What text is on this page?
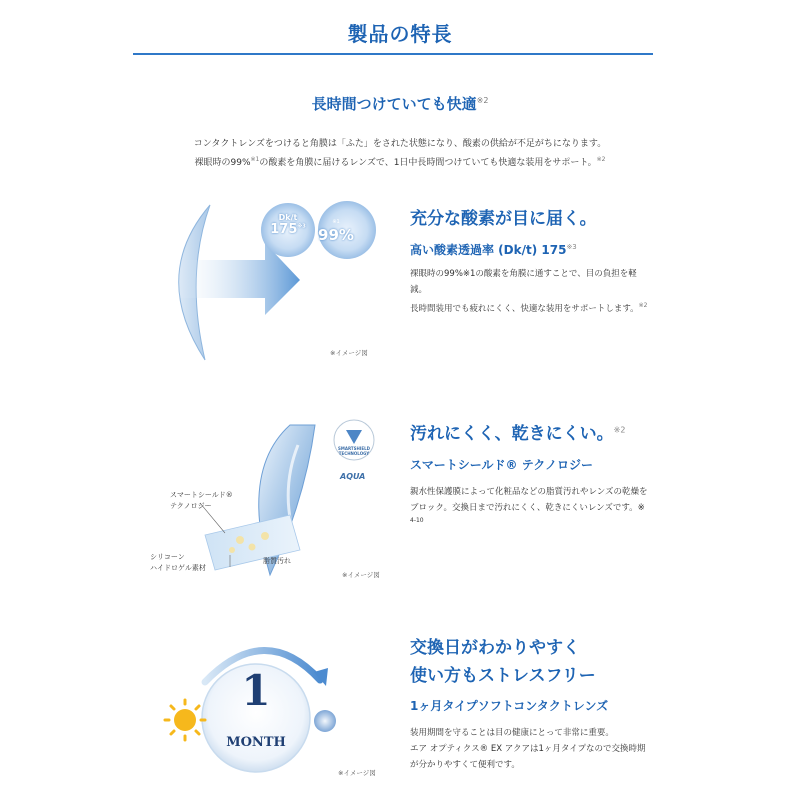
製品の特長
長時間つけていても快適$^{※2}$
コンタクトレンズをつけると角膜は「ふた」をされた状態になり、酸素の供給が不足がちになります。
裸眼時の99%$^{※1}$の酸素を角膜に届けるレンズで、1日中長時間つけていても快適な装用をサポート。$^{※2}$
Dk/t
175$^{※3}$
※1
99%
※イメージ図
充分な酸素が目に届く。
高い酸素透過率 (Dk/t) 175$^{※3}$
裸眼時の99%※1の酸素を角膜に通すことで、目の負担を軽
減。
長時間装用でも疲れにくく、快適な装用をサポートします。$^{※2}$
SMARTSHIELD
TECHNOLOGY
AQUA
スマートシールド®
テクノロジー
シリコーン
ハイドロゲル素材
脂質汚れ
※イメージ図
汚れにくく、乾きにくい。$^{※2}$
スマートシールド® テクノロジー
親水性保護膜によって化粧品などの脂質汚れやレンズの乾燥を
ブロック。交換日まで汚れにくく、乾きにくいレンズです。※
4-10
1
MONTH
※イメージ図
交換日がわかりやすく
使い方もストレスフリー
1ヶ月タイプソフトコンタクトレンズ
装用期間を守ることは目の健康にとって非常に重要。
エア オプティクス® EX アクアは1ヶ月タイプなので交換時期
が分かりやすくて便利です。
